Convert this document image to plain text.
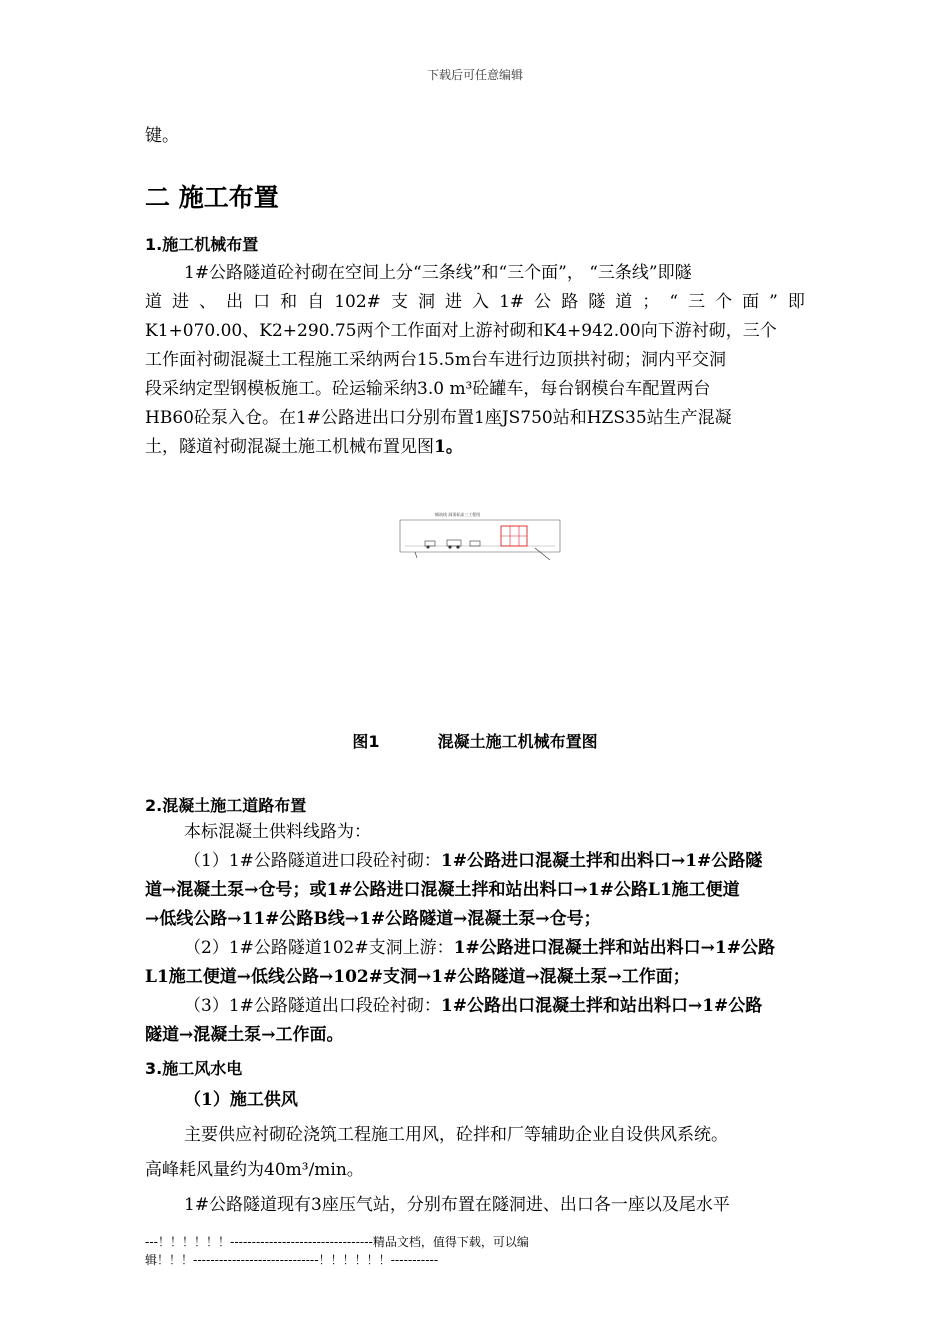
下载后可任意编辑
键。
二 施工布置
1.施工机械布置
1#公路隧道砼衬砌在空间上分“三条线”和“三个面”， “三条线”即隧
道 进 、 出 口 和 自 102# 支 洞 进 入 1# 公 路 隧 道 ； “ 三 个 面 ” 即
K1+070.00、K2+290.75两个工作面对上游衬砌和K4+942.00向下游衬砌，三个
工作面衬砌混凝土工程施工采纳两台15.5m台车进行边顶拱衬砌；洞内平交洞
段采纳定型钢模板施工。砼运输采纳3.0 m³砼罐车，每台钢模台车配置两台
HB60砼泵入仓。在1#公路进出口分别布置1座JS750站和HZS35站生产混凝
土，隧道衬砌混凝土施工机械布置见图1。
铺筑线 洞顶标高三工程图
图1	混凝土施工机械布置图
2.混凝土施工道路布置
本标混凝土供料线路为：
（1）1#公路隧道进口段砼衬砌：1#公路进口混凝土拌和出料口→1#公路隧
道→混凝土泵→仓号；或1#公路进口混凝土拌和站出料口→1#公路L1施工便道
→低线公路→11#公路B线→1#公路隧道→混凝土泵→仓号；
（2）1#公路隧道102#支洞上游：1#公路进口混凝土拌和站出料口→1#公路
L1施工便道→低线公路→102#支洞→1#公路隧道→混凝土泵→工作面；
（3）1#公路隧道出口段砼衬砌：1#公路出口混凝土拌和站出料口→1#公路
隧道→混凝土泵→工作面。
3.施工风水电
（1）施工供风
主要供应衬砌砼浇筑工程施工用风，砼拌和厂等辅助企业自设供风系统。
高峰耗风量约为40m³/min。
1#公路隧道现有3座压气站，分别布置在隧洞进、出口各一座以及尾水平
---！！！！！！---------------------------------精品文档，值得下载，可以编
辑！！！-----------------------------！！！！！！-----------
